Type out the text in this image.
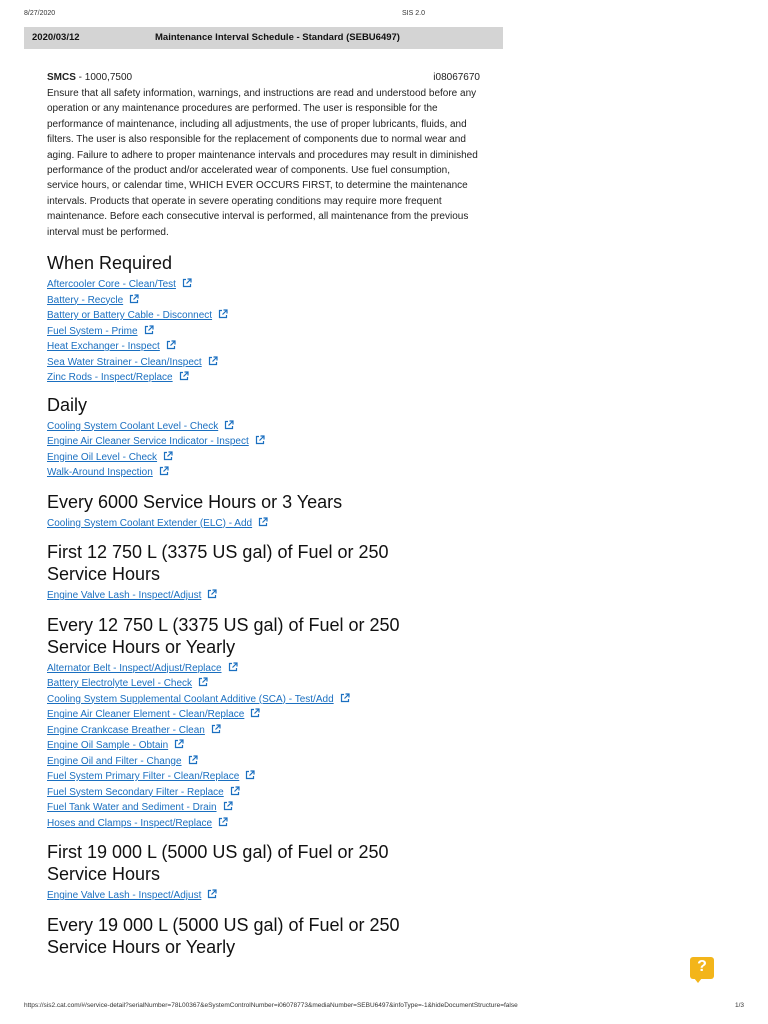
8/27/2020	SIS 2.0
2020/03/12	Maintenance Interval Schedule - Standard (SEBU6497)
SMCS - 1000,7500	i08067670

Ensure that all safety information, warnings, and instructions are read and understood before any operation or any maintenance procedures are performed. The user is responsible for the performance of maintenance, including all adjustments, the use of proper lubricants, fluids, and filters. The user is also responsible for the replacement of components due to normal wear and aging. Failure to adhere to proper maintenance intervals and procedures may result in diminished performance of the product and/or accelerated wear of components. Use fuel consumption, service hours, or calendar time, WHICH EVER OCCURS FIRST, to determine the maintenance intervals. Products that operate in severe operating conditions may require more frequent maintenance. Before each consecutive interval is performed, all maintenance from the previous interval must be performed.

When Required
Aftercooler Core - Clean/Test
Battery - Recycle
Battery or Battery Cable - Disconnect
Fuel System - Prime
Heat Exchanger - Inspect
Sea Water Strainer - Clean/Inspect
Zinc Rods - Inspect/Replace
Daily
Cooling System Coolant Level - Check
Engine Air Cleaner Service Indicator - Inspect
Engine Oil Level - Check
Walk-Around Inspection
Every 6000 Service Hours or 3 Years
Cooling System Coolant Extender (ELC) - Add
First 12 750 L (3375 US gal) of Fuel or 250 Service Hours
Engine Valve Lash - Inspect/Adjust
Every 12 750 L (3375 US gal) of Fuel or 250 Service Hours or Yearly
Alternator Belt - Inspect/Adjust/Replace
Battery Electrolyte Level - Check
Cooling System Supplemental Coolant Additive (SCA) - Test/Add
Engine Air Cleaner Element - Clean/Replace
Engine Crankcase Breather - Clean
Engine Oil Sample - Obtain
Engine Oil and Filter - Change
Fuel System Primary Filter - Clean/Replace
Fuel System Secondary Filter - Replace
Fuel Tank Water and Sediment - Drain
Hoses and Clamps - Inspect/Replace
First 19 000 L (5000 US gal) of Fuel or 250 Service Hours
Engine Valve Lash - Inspect/Adjust
Every 19 000 L (5000 US gal) of Fuel or 250 Service Hours or Yearly
?
https://sis2.cat.com/#/service-detail?serialNumber=78L00367&eSystemControlNumber=i06078773&mediaNumber=SEBU6497&infoType=-1&hideDocumentStructure=false	1/3
